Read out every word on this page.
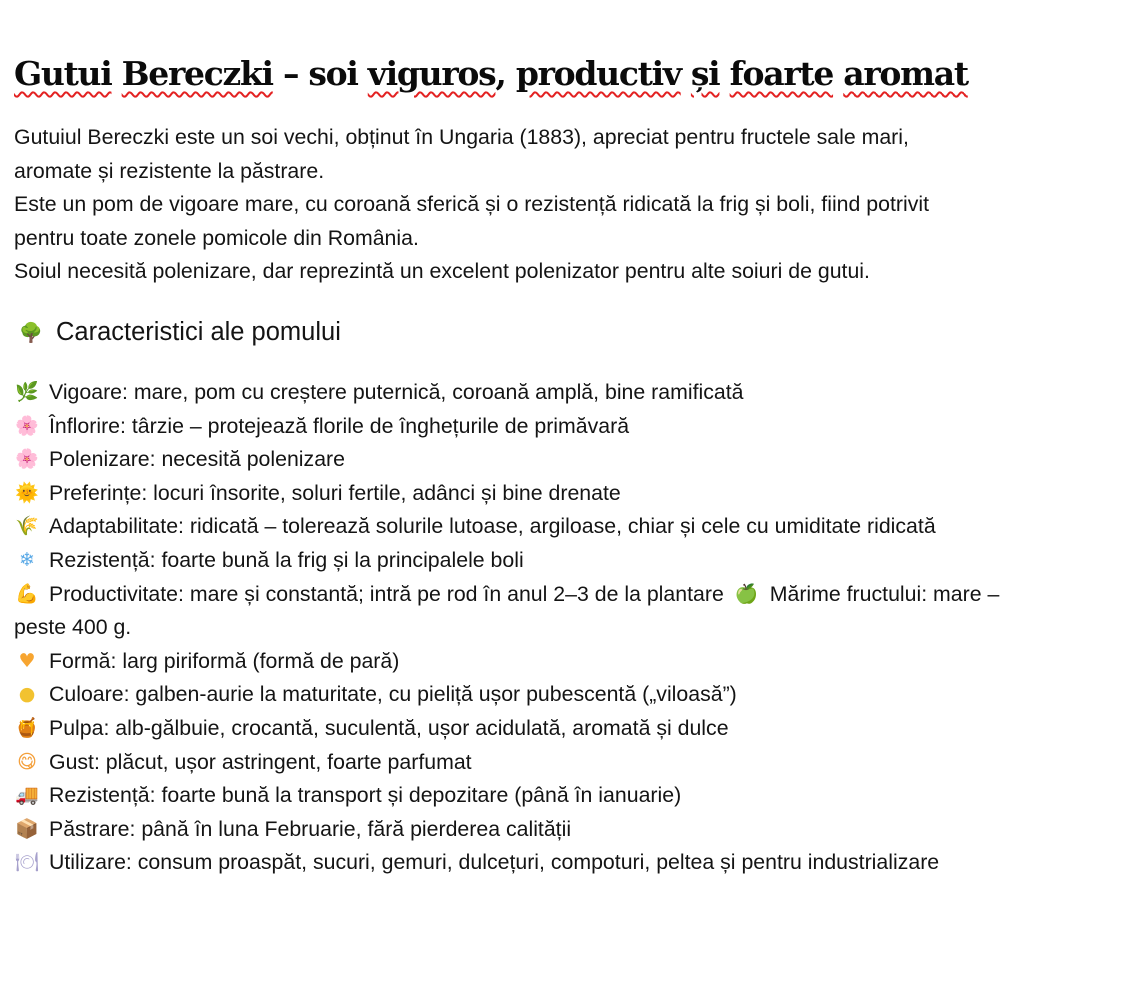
Gutui Bereczki – soi viguros, productiv și foarte aromat

Gutuiul Bereczki este un soi vechi, obținut în Ungaria (1883), apreciat pentru fructele sale mari,
aromate și rezistente la păstrare.
Este un pom de vigoare mare, cu coroană sferică și o rezistență ridicată la frig și boli, fiind potrivit
pentru toate zonele pomicole din România.
Soiul necesită polenizare, dar reprezintă un excelent polenizator pentru alte soiuri de gutui.

🌳 Caracteristici ale pomului
🌿 Vigoare: mare, pom cu creștere puternică, coroană amplă, bine ramificată
🌸 Înflorire: târzie – protejează florile de înghețurile de primăvară
🌸 Polenizare: necesită polenizare
🌞 Preferințe: locuri însorite, soluri fertile, adânci și bine drenate
🌾 Adaptabilitate: ridicată – tolerează solurile lutoase, argiloase, chiar și cele cu umiditate ridicată
❄ Rezistență: foarte bună la frig și la principalele boli
💪 Productivitate: mare și constantă; intră pe rod în anul 2–3 de la plantare 🍏 Mărime fructului: mare – peste 400 g.
♥ Formă: larg piriformă (formă de pară)
● Culoare: galben-aurie la maturitate, cu pieliță ușor pubescentă („viloasă”)
🍯 Pulpa: alb-gălbuie, crocantă, suculentă, ușor acidulată, aromată și dulce
😋 Gust: plăcut, ușor astringent, foarte parfumat
🚚 Rezistență: foarte bună la transport și depozitare (până în ianuarie)
📦 Păstrare: până în luna Februarie, fără pierderea calității
🍽 Utilizare: consum proaspăt, sucuri, gemuri, dulcețuri, compoturi, peltea și pentru industrializare
